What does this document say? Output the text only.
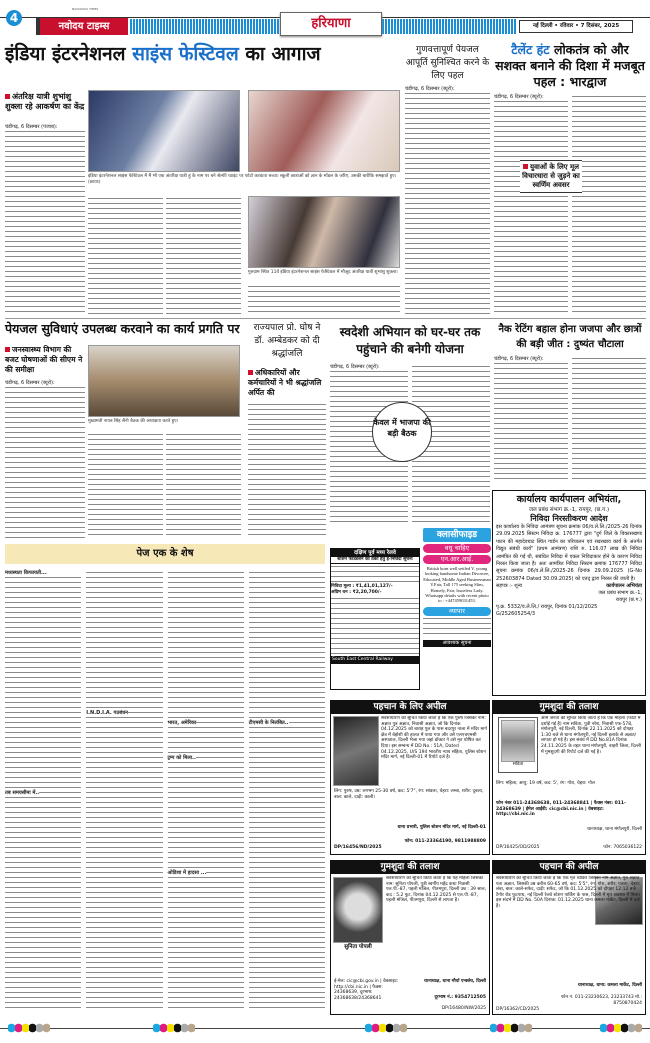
4
NAVODAYA TIMES
नवोदय टाइम्स	हरियाणा	नई दिल्ली • रविवार • 7 दिसंबर, 2025
इंडिया इंटरनेशनल साइंस फेस्टिवल का आगाज
अंतरिक्ष यात्री शुभांशु शुक्ला रहे आकर्षण का केंद्र
चंडीगढ़, 6 दिसम्बर (पंजाब):
इंडिया इंटरनेशनल साइंस फेस्टिवल में मैं भी एक अंतरिक्ष यात्री हूं के नाम पर बने सेल्फी प्वाइंट पर फोटो करवाता बच्चा। स्कूली छात्राओं को ज्ञान के मॉडल के जरिए, उसकी बारीकि समझाते हुए। (छायाः)
गुरुग्राम स्थित 11वें इंडिया इंटरनेशनल साइंस फेस्टिवल में मौजूद अंतरिक्ष यात्री शुभांशु शुक्ला।
गुणवत्तापूर्ण पेयजल आपूर्ति सुनिश्चित करने के लिए पहल
चंडीगढ़, 6 दिसम्बर (ब्यूरो):
टैलेंट हंट लोकतंत्र को और सशक्त बनाने की दिशा में मजबूत पहल : भारद्वाज
चंडीगढ़, 6 दिसम्बर (ब्यूरो):
युवाओं के लिए मूल विचारधारा से जुड़ने का स्वर्णिम अवसर
पेयजल सुविधाएं उपलब्ध करवाने का कार्य प्रगति पर
जनस्वास्थ्य विभाग की बजट घोषणाओं की सीएम ने की समीक्षा
चंडीगढ़, 6 दिसम्बर (ब्यूरो):
मुख्यमंत्री नायब सिंह सैनी बैठक की अध्यक्षता करते हुए।
राज्यपाल प्रो. घोष ने डॉ. अम्बेडकर को दी श्रद्धांजलि
अधिकारियों और कर्मचारियों ने भी श्रद्धांजलि अर्पित की
स्वदेशी अभियान को घर-घर तक पहुंचाने की बनेगी योजना
चंडीगढ़, 6 दिसम्बर (ब्यूरो):
केवल में भाजपा की बड़ी बैठक
नैक रेटिंग बहाल होना जजपा और छात्रों की बड़ी जीत : दुष्यंत चौटाला
चंडीगढ़, 6 दिसम्बर (ब्यूरो):
पेज एक के शेष
मध्यस्थता किफायती...
I.N.D.I.A. गठबंधन
भारत, अमेरिका
ट्रम्प को मिला..
ओडिशा में हादसा ...
टीएमसी के निलंबित..
तब समयसीमा में..
दक्षिण पूर्व मध्य रेलवे
स्टेशन फाउंडेशन का ठेका हेतु ई-निविदा सूचना
निविदा मूल्य : ₹1,41,01,127/-
अग्रिम धन : ₹2,20,700/-
South East Central Railway
क्लासीफाइड
वधू चाहिए
एन.आर.आई.
British born well settled V. young looking handsome Indian Divorcee, Educated, Middle Aged Businessman V.Fair, Tall 175 seeking Slim, Homely, Fair, Issueless Lady. Whatsapp details with recent photo to : +447459031453.
व्यापार
आवश्यक सूचना
कार्यालय कार्यपालन अभियंता,
जल प्रबंध संभाग क्र.-1, रायपुर, (छ.ग.)
निविदा निरस्तीकरण आदेश
इस कार्यालय के निविदा आमंत्रण सूचना क्रमांक 06/व.ले.लि./2025-26 दिनांक 29.09.2025 सिस्टम निविदा क्र. 176777 द्वारा "दुर्ग जिले के विकासखण्ड पाटन की महादेवघाट स्थित गार्डन का परिचालन एवं रखरखाव कार्य के अंतर्गत विद्युत संबंधी कार्य" (प्रथम आमंत्रण) राशि रु. 116.07 लाख की निविदा आमंत्रित की गई थी, संबंधित निविदा में एकल निविदाकार होने के कारण निविदा निरस्त किया जाता है। अतः आमंत्रित निविदा सिस्टम क्रमांक 176777 निविदा सूचना क्रमांक 06/व.ले.लि./2025-26 दिनांक 29.09.2025 (G-No 252603874 Dated 30.09.2025) को एतद् द्वारा निरस्त की जाती है।
सहपत्र :- शून्य	कार्यपालन अभियंता
जल प्रबंध संभाग क्र.-1,
रायपुर (छ.ग.)
पृ.क्र. 5332/व.ले.लि./ रायपुर, दिनांक 01/12/2025
G/252605254/3
पहचान के लिए अपील
सर्वसाधारण को सूचित किया जाता है कि एक पुरुष जिसका नाम: अज्ञात पुत्र अज्ञात, निवासी अज्ञात, जो कि दिनांक 04.12.2025 को बाराह पुल के पास बदरपुर नाला में मंदिर मार्ग क्षेत्र में बेहोशी की हालत में पाया गया और उसे एलएचएमसी अस्पताल, दिल्ली भेजा गया जहां डॉक्टर ने उसे मृत घोषित कर दिया। इस सम्बन्ध में DD No.: 51A, Dated 04.12.2025, U/S 194 भारतीय न्याय संहिता, पुलिस स्टेशन मंदिर मार्ग, नई दिल्ली-01 में रिपोर्ट दर्ज है।
लिंग: पुरुष, उम्र: लगभग 25-30 वर्ष, कद: 5'7", रंग: सांवला, चेहरा: लम्बा, शरीर: दुबला, बाल: काले, दाढ़ी: काली।
थाना प्रभारी, पुलिस स्टेशन मंदिर मार्ग, नई दिल्ली-01
DP/16456/ND/2025
फोन: 011-23364190, 9811988809
गुमशुदा की तलाश
सविता
आम जनता को सूचित किया जाता है कि एक महिला (फोटो में दर्शाई गई है) नाम सविता, पुत्री नरेश, निवासी एफ-578, मंगोलपुरी, नई दिल्ली, दिनांक 22.11.2025 को दोपहर 1:30 बजे से थाना मंगोलपुरी, नई दिल्ली इलाके से अज्ञात/लापता हो गई है। इस संबंध में DD No.81A दिनांक 24.11.2025 के तहत थाना मंगोलपुरी, बाहरी जिला, दिल्ली में गुमशुदगी की रिपोर्ट दर्ज की गई है।
लिंग: महिला, आयु: 19 वर्ष, कद: 5', रंग: गोरा, चेहरा: गोल
फोन नंबर 011-24368638, 011-24368841 | फैक्स नंबर: 011-24368639 | ईमेल आईडी: cic@cbi.nic.in | वेबसाइट: http://cbi.nic.in
थानाध्यक्ष, थाना मंगोलपुरी, दिल्ली
फोन: 7065036122
DP/16425/OD/2025
गुमशुदा की तलाश
सुनिता पोपली
सर्वसाधारण को सूचित किया जाता है कि यह महिला जिसका नाम: सुनिता पोपली, पुत्री स्वर्गीय महेंद्र कथा निवासी एल.पी.-87, पहली मंजिल, पीतमपुरा, दिल्ली उम्र : 39 साल, कद : 5.2 फुट, दिनांक 04.12.2025 से एल.पी.-87, पहली मंजिल, पीतमपुरा, दिल्ली से लापता है।
ई-मेल: cic@cbi.gov.in | वेबसाइट: http://cbi.nic.in | फैक्स: 24368639, दूरभाष: 24368638/24368641
थानाध्यक्ष, थाना मौर्या एन्क्लेव, दिल्ली
दूरभाष नं.: 9354712505
DP/16480/NW/2025
पहचान की अपील
सर्वसाधारण को सूचित किया जाता है कि एक मृत व्यक्ति जिसका नाम अज्ञात, पुत्र अज्ञात पता अज्ञात, जिसकी उम्र करीब 60-65 वर्ष, कद: 5'5", रंग: गोरा, शरीर: पतला, चेहरा: लंबा, बाल: काले-सफेद, दाढ़ी: सफेद, जो कि 01.12.2025 को दोपहर 12:12 बजे टैगोर रोड फुटपाथ, नई दिल्ली रेलवे स्टेशन पार्किंग के पास, दिल्ली में मृत अवस्था में मिला। इस संदर्भ में DD No. 50A दिनांक: 01.12.2025 थाना कमला मार्केट, दिल्ली में दर्ज है।
थानाध्यक्ष, थाना: कमला मार्केट, दिल्ली
फोन नं. 011-23230623, 23233743 मो.: 8750870424
DP/16362/CD/2025
